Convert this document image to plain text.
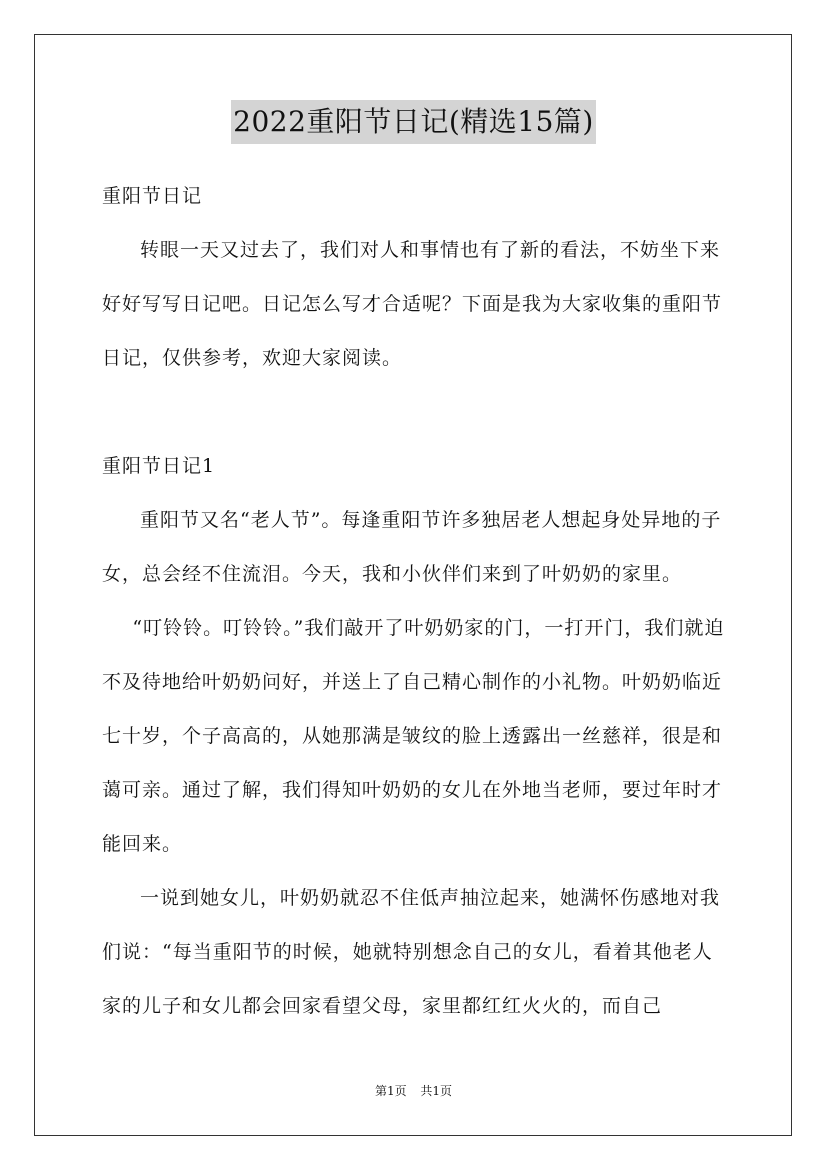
2022重阳节日记(精选15篇)

重阳节日记

转眼一天又过去了，我们对人和事情也有了新的看法，不妨坐下来好好写写日记吧。日记怎么写才合适呢？下面是我为大家收集的重阳节日记，仅供参考，欢迎大家阅读。

重阳节日记1

重阳节又名“老人节”。每逢重阳节许多独居老人想起身处异地的子女，总会经不住流泪。今天，我和小伙伴们来到了叶奶奶的家里。

“叮铃铃。叮铃铃。”我们敲开了叶奶奶家的门，一打开门，我们就迫不及待地给叶奶奶问好，并送上了自己精心制作的小礼物。叶奶奶临近七十岁，个子高高的，从她那满是皱纹的脸上透露出一丝慈祥，很是和蔼可亲。通过了解，我们得知叶奶奶的女儿在外地当老师，要过年时才能回来。

一说到她女儿，叶奶奶就忍不住低声抽泣起来，她满怀伤感地对我们说：“每当重阳节的时候，她就特别想念自己的女儿，看着其他老人家的儿子和女儿都会回家看望父母，家里都红红火火的，而自己

第1页 共1页
